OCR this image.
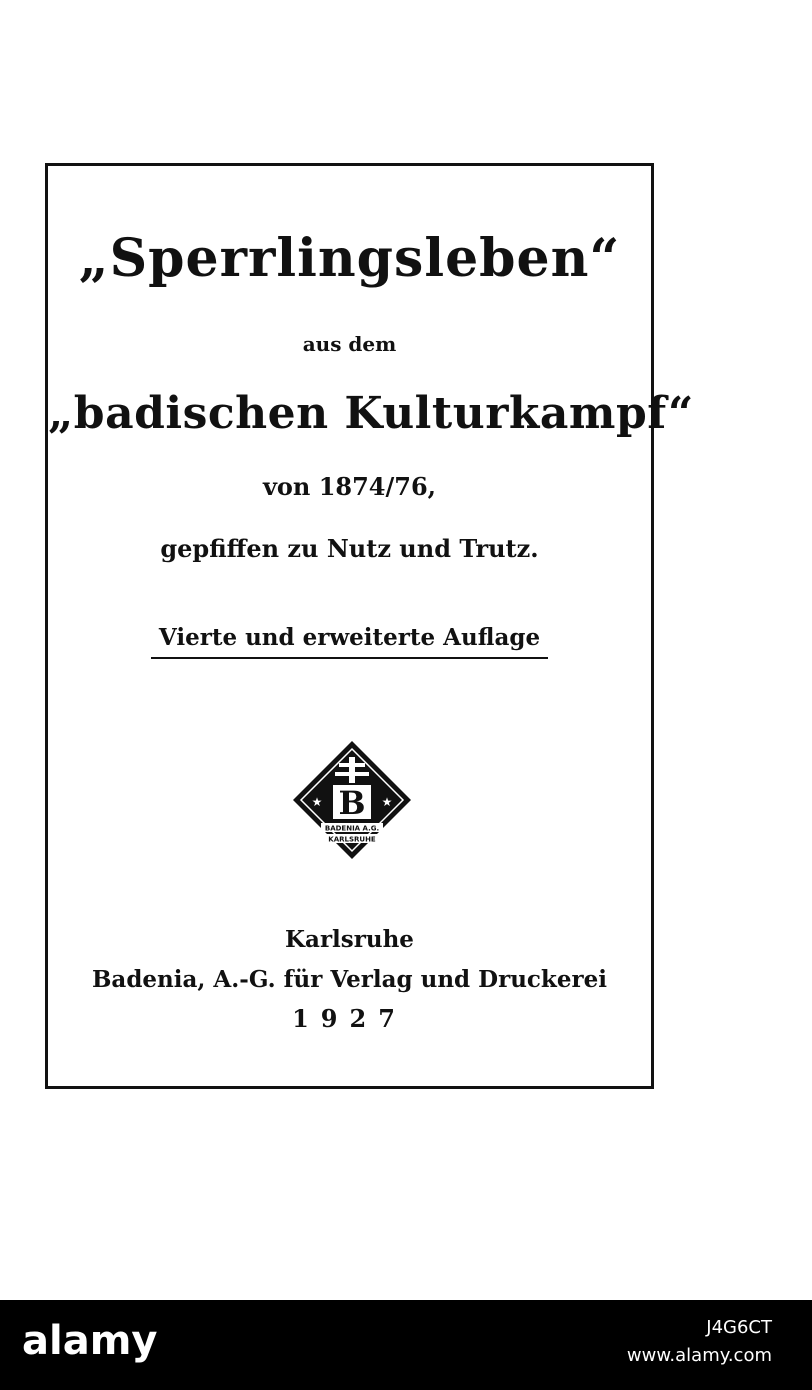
„Sperrlingsleben“
aus dem
„badischen Kulturkampf“
von 1874/76,
gepfiffen zu Nutz und Trutz.
Vierte und erweiterte Auflage
B
★	★
BADENIA A.G.
KARLSRUHE
Karlsruhe
Badenia, A.-G. für Verlag und Druckerei
1927
alamy	J4G6CT
www.alamy.com
